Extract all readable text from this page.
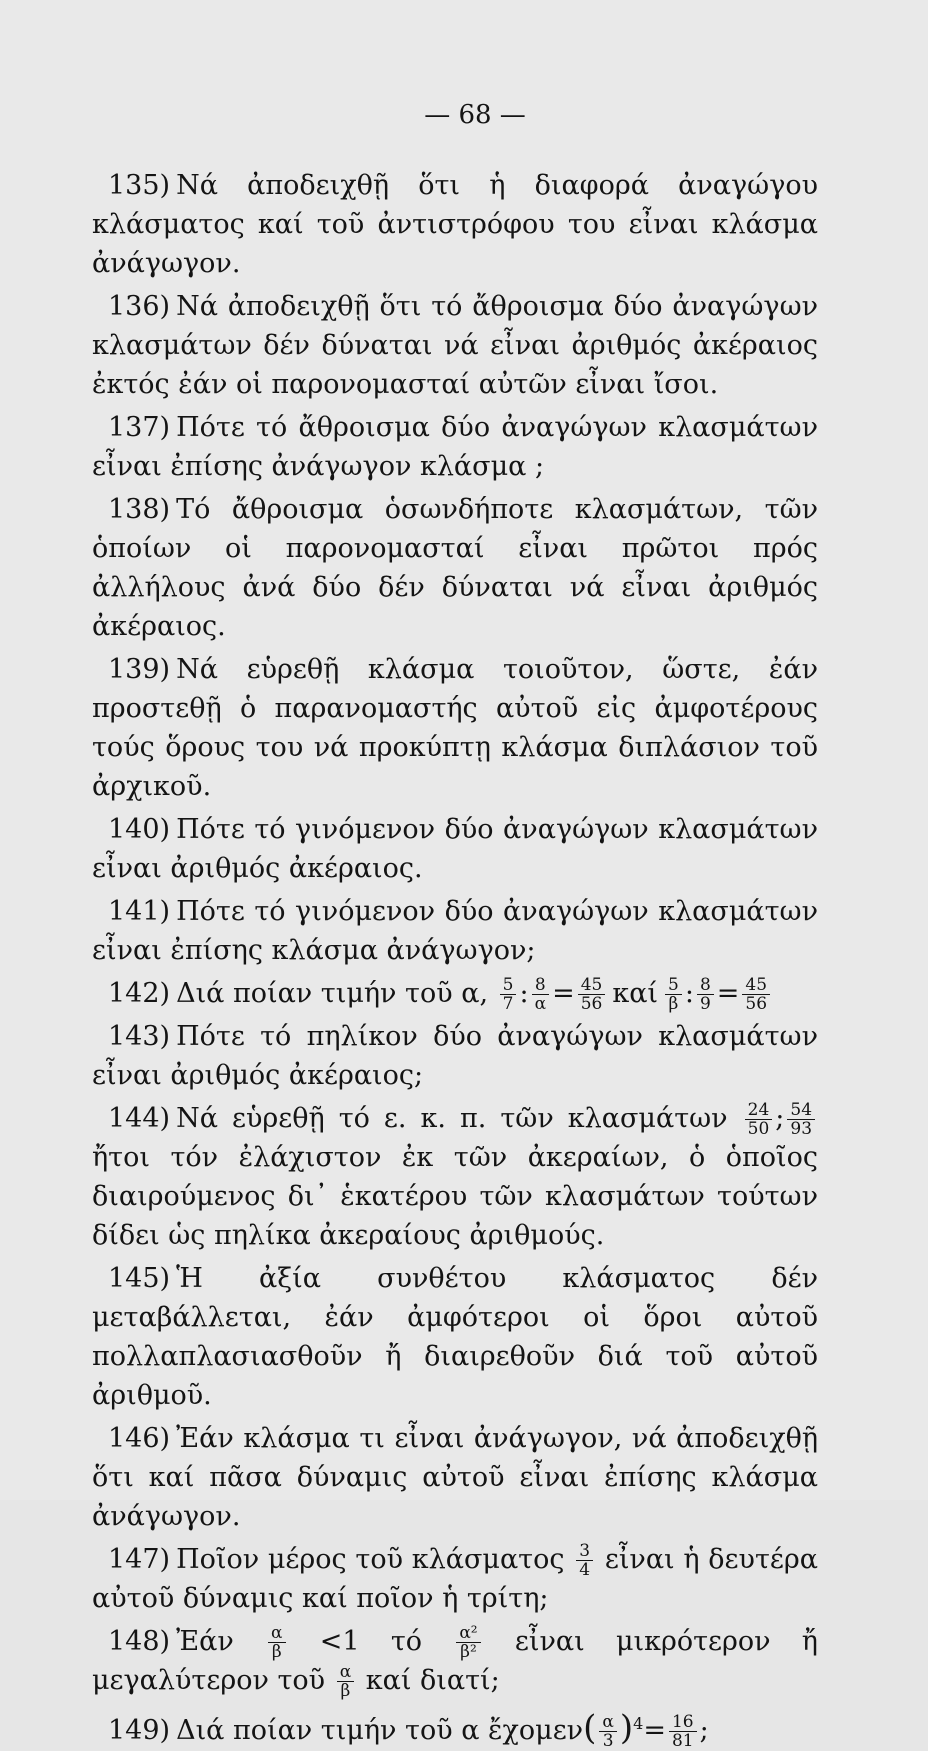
— 68 —

135) Νά ἀποδειχθῇ ὅτι ἡ διαφορά ἀναγώγου κλάσματος καί τοῦ ἀντιστρόφου του εἶναι κλάσμα ἀνάγωγον.

136) Νά ἀποδειχθῇ ὅτι τό ἄθροισμα δύο ἀναγώγων κλασμάτων δέν δύναται νά εἶναι ἀριθμός ἀκέραιος ἐκτός ἐάν οἱ παρονομασταί αὐτῶν εἶναι ἴσοι.

137) Πότε τό ἄθροισμα δύο ἀναγώγων κλασμάτων εἶναι ἐπίσης ἀνάγωγον κλάσμα ;

138) Τό ἄθροισμα ὁσωνδήποτε κλασμάτων, τῶν ὁποίων οἱ παρονομασταί εἶναι πρῶτοι πρός ἀλλήλους ἀνά δύο δέν δύναται νά εἶναι ἀριθμός ἀκέραιος.

139) Νά εὑρεθῇ κλάσμα τοιοῦτον, ὥστε, ἐάν προστεθῇ ὁ παρανομαστής αὐτοῦ εἰς ἀμφοτέρους τούς ὅρους του νά προκύπτῃ κλάσμα διπλάσιον τοῦ ἀρχικοῦ.

140) Πότε τό γινόμενον δύο ἀναγώγων κλασμάτων εἶναι ἀριθμός ἀκέραιος.

141) Πότε τό γινόμενον δύο ἀναγώγων κλασμάτων εἶναι ἐπίσης κλάσμα ἀνάγωγον;

142) Διά ποίαν τιμήν τοῦ α, $\frac{5}{7}$ : $\frac{8}{\alpha} = \frac{45}{56}$ καί $\frac{5}{\beta}$ : $\frac{8}{9} = \frac{45}{56}$

143) Πότε τό πηλίκον δύο ἀναγώγων κλασμάτων εἶναι ἀριθμός ἀκέραιος;

144) Νά εὑρεθῇ τό ε. κ. π. τῶν κλασμάτων $\frac{24}{50}$ ; $\frac{54}{93}$
ἤτοι τόν ἐλάχιστον ἐκ τῶν ἀκεραίων, ὁ ὁποῖος διαιρούμενος δι᾽ ἑκατέρου τῶν κλασμάτων τούτων δίδει ὡς πηλίκα ἀκεραίους ἀριθμούς.

145) Ἡ ἀξία συνθέτου κλάσματος δέν μεταβάλλεται, ἐάν ἀμφότεροι οἱ ὅροι αὐτοῦ πολλαπλασιασθοῦν ἤ διαιρεθοῦν διά τοῦ αὐτοῦ ἀριθμοῦ.

146) Ἐάν κλάσμα τι εἶναι ἀνάγωγον, νά ἀποδειχθῇ ὅτι καί πᾶσα δύναμις αὐτοῦ εἶναι ἐπίσης κλάσμα ἀνάγωγον.

147) Ποῖον μέρος τοῦ κλάσματος $\frac{3}{4}$ εἶναι ἡ δευτέρα αὐτοῦ δύναμις καί ποῖον ἡ τρίτη;

148) Ἐάν $\frac{\alpha}{\beta} <1$ τό $\frac{\text{α²}}{\text{β²}}$ εἶναι μικρότερον ἤ μεγαλύτερον τοῦ $\frac{\alpha}{\beta}$ καί διατί;

149) Διά ποίαν τιμήν τοῦ α ἔχομεν( $\frac{\alpha}{3} )^4= \frac{16}{81}$ ;
